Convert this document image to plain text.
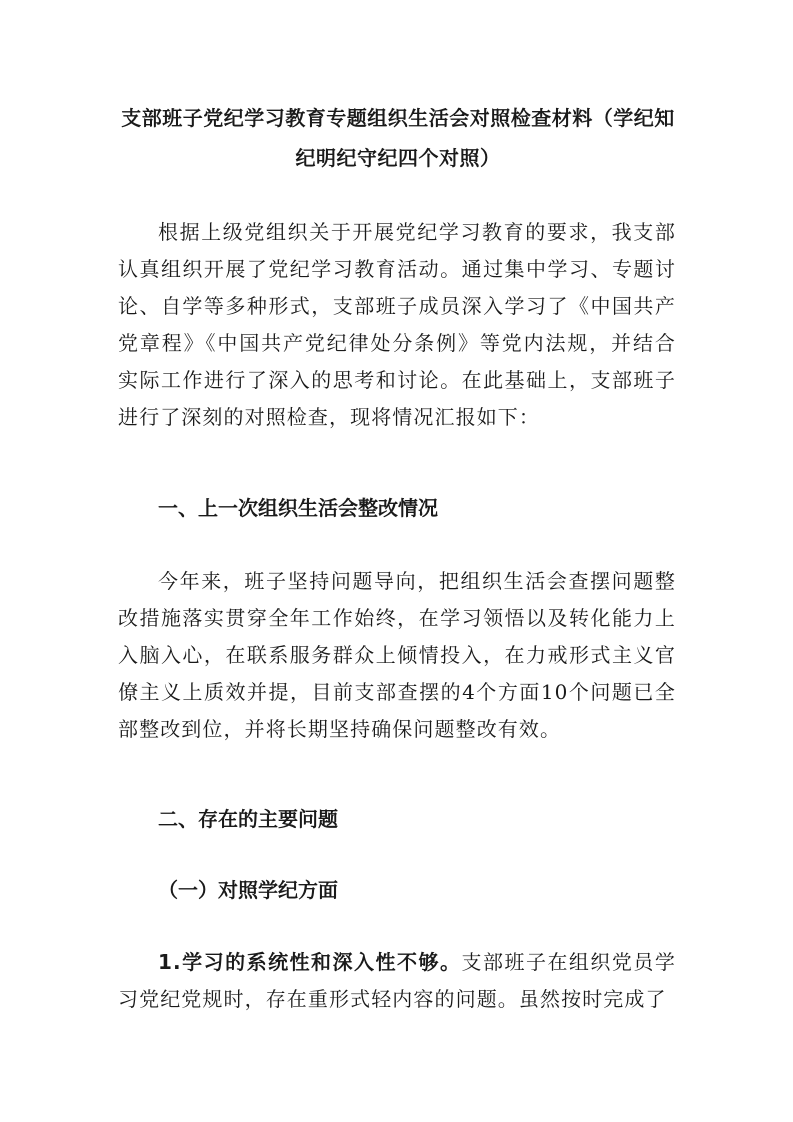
支部班子党纪学习教育专题组织生活会对照检查材料（学纪知纪明纪守纪四个对照）
根据上级党组织关于开展党纪学习教育的要求，我支部认真组织开展了党纪学习教育活动。通过集中学习、专题讨论、自学等多种形式，支部班子成员深入学习了《中国共产党章程》《中国共产党纪律处分条例》等党内法规，并结合实际工作进行了深入的思考和讨论。在此基础上，支部班子进行了深刻的对照检查，现将情况汇报如下：
一、上一次组织生活会整改情况
今年来，班子坚持问题导向，把组织生活会查摆问题整改措施落实贯穿全年工作始终，在学习领悟以及转化能力上入脑入心，在联系服务群众上倾情投入，在力戒形式主义官僚主义上质效并提，目前支部查摆的4个方面10个问题已全部整改到位，并将长期坚持确保问题整改有效。
二、存在的主要问题
（一）对照学纪方面
1.学习的系统性和深入性不够。支部班子在组织党员学习党纪党规时，存在重形式轻内容的问题。虽然按时完成了
